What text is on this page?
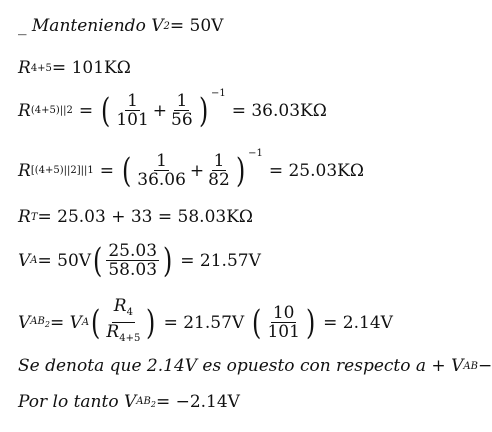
_ Manteniendo V 2 = 50V
R 4+5 = 101KΩ
R (4+5)||2 = ( $\frac{1}{101} + \frac{1}{56}$ ) −1
= 36.03KΩ
R [(4+5)||2]||1 = ( $\frac{1}{36.06} + \frac{1}{82}$ ) −1
= 25.03KΩ
R T = 25.03 + 33 = 58.03KΩ
V A = 50V ( $\frac{25.03}{58.03}$ ) = 21.57V
V $AB_2 = V$ A ( $\frac{R_4}{R_{4+5}}$ ) = 21.57V ( $\frac{10}{101}$ ) = 2.14V
Se denota que 2.14V es opuesto con respecto a + V AB −
Por lo tanto V $AB_2 = -2.14V$
